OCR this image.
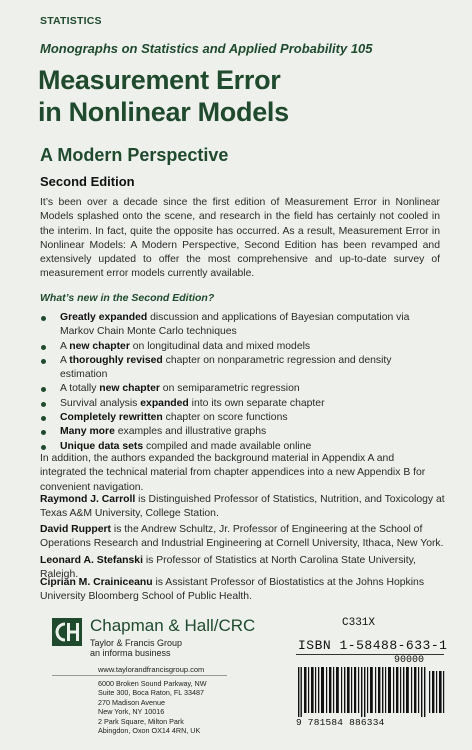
STATISTICS
Monographs on Statistics and Applied Probability 105
Measurement Error
in Nonlinear Models
A Modern Perspective
Second Edition

It’s been over a decade since the first edition of Measurement Error in Nonlinear Models splashed onto the scene, and research in the field has certainly not cooled in the interim. In fact, quite the opposite has occurred. As a result, Measurement Error in Nonlinear Models: A Modern Perspective, Second Edition has been revamped and extensively updated to offer the most comprehensive and up-to-date survey of measurement error models currently available.

What’s new in the Second Edition?
Greatly expanded discussion and applications of Bayesian computation via Markov Chain Monte Carlo techniques
A new chapter on longitudinal data and mixed models
A thoroughly revised chapter on nonparametric regression and density estimation
A totally new chapter on semiparametric regression
Survival analysis expanded into its own separate chapter
Completely rewritten chapter on score functions
Many more examples and illustrative graphs
Unique data sets compiled and made available online

In addition, the authors expanded the background material in Appendix A and integrated the technical material from chapter appendices into a new Appendix B for convenient navigation.

Raymond J. Carroll is Distinguished Professor of Statistics, Nutrition, and Toxicology at Texas A&M University, College Station.

David Ruppert is the Andrew Schultz, Jr. Professor of Engineering at the School of Operations Research and Industrial Engineering at Cornell University, Ithaca, New York.

Leonard A. Stefanski is Professor of Statistics at North Carolina State University, Raleigh.

Ciprian M. Crainiceanu is Assistant Professor of Biostatistics at the Johns Hopkins University Bloomberg School of Public Health.

Chapman & Hall/CRC
Taylor & Francis Group
an informa business
www.taylorandfrancisgroup.com
6000 Broken Sound Parkway, NW
Suite 300, Boca Raton, FL 33487
270 Madison Avenue
New York, NY 10016
2 Park Square, Milton Park
Abingdon, Oxon OX14 4RN, UK
C331X
ISBN 1-58488-633-1
90000
9 781584 886334
